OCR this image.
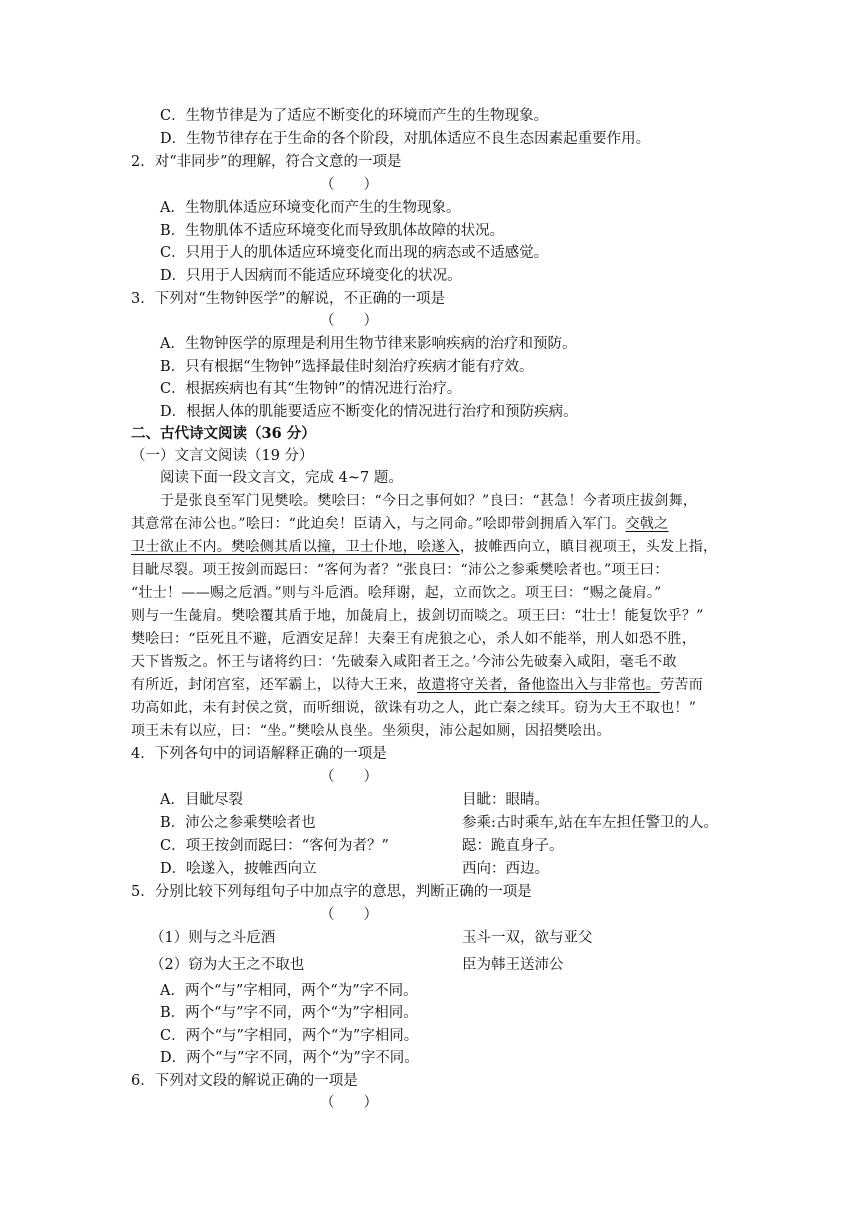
C．生物节律是为了适应不断变化的环境而产生的生物现象。
D．生物节律存在于生命的各个阶段，对肌体适应不良生态因素起重要作用。
2．对“非同步”的理解，符合文意的一项是
（　　）
A．生物肌体适应环境变化而产生的生物现象。
B．生物肌体不适应环境变化而导致肌体故障的状况。
C．只用于人的肌体适应环境变化而出现的病态或不适感觉。
D．只用于人因病而不能适应环境变化的状况。
3．下列对“生物钟医学”的解说，不正确的一项是
（　　）
A．生物钟医学的原理是利用生物节律来影响疾病的治疗和预防。
B．只有根据“生物钟”选择最佳时刻治疗疾病才能有疗效。
C．根据疾病也有其“生物钟”的情况进行治疗。
D．根据人体的肌能要适应不断变化的情况进行治疗和预防疾病。
二、古代诗文阅读（36 分）
（一）文言文阅读（19 分）
阅读下面一段文言文，完成 4~7 题。
于是张良至军门见樊哙。樊哙曰：“今日之事何如？”良曰：“甚急！今者项庄拔剑舞，
其意常在沛公也。”哙曰：“此迫矣！臣请入，与之同命。”哙即带剑拥盾入军门。交戟之
卫士欲止不内。樊哙侧其盾以撞，卫士仆地，哙遂入，披帷西向立，瞋目视项王，头发上指，
目眦尽裂。项王按剑而跽曰：“客何为者？”张良曰：“沛公之参乘樊哙者也。”项王曰：
“壮士！——赐之卮酒。”则与斗卮酒。哙拜谢，起，立而饮之。项王曰：“赐之彘肩。”
则与一生彘肩。樊哙覆其盾于地，加彘肩上，拔剑切而啖之。项王曰：“壮士！能复饮乎？”
樊哙曰：“臣死且不避，卮酒安足辞！夫秦王有虎狼之心，杀人如不能举，刑人如恐不胜，
天下皆叛之。怀王与诸将约曰：‘先破秦入咸阳者王之。’今沛公先破秦入咸阳，毫毛不敢
有所近，封闭宫室，还军霸上，以待大王来，故遣将守关者，备他盗出入与非常也。劳苦而
功高如此，未有封侯之赏，而听细说，欲诛有功之人，此亡秦之续耳。窃为大王不取也！”
项王未有以应，曰：“坐。”樊哙从良坐。坐须臾，沛公起如厕，因招樊哙出。
4．下列各句中的词语解释正确的一项是
（　　）
A．目眦尽裂	目眦：眼睛。
B．沛公之参乘樊哙者也	参乘:古时乘车,站在车左担任警卫的人。
C．项王按剑而跽曰：“客何为者？”	跽：跪直身子。
D．哙遂入，披帷西向立	西向：西边。
5．分别比较下列每组句子中加点字的意思，判断正确的一项是
（　　）
（1）则与之斗卮酒	玉斗一双，欲与亚父
（2）窃为大王之不取也	臣为韩王送沛公
A．两个“与”字相同，两个“为”字不同。
B．两个“与”字不同，两个“为”字相同。
C．两个“与”字相同，两个“为”字相同。
D．两个“与”字不同，两个“为”字不同。
6．下列对文段的解说正确的一项是
（　　）
